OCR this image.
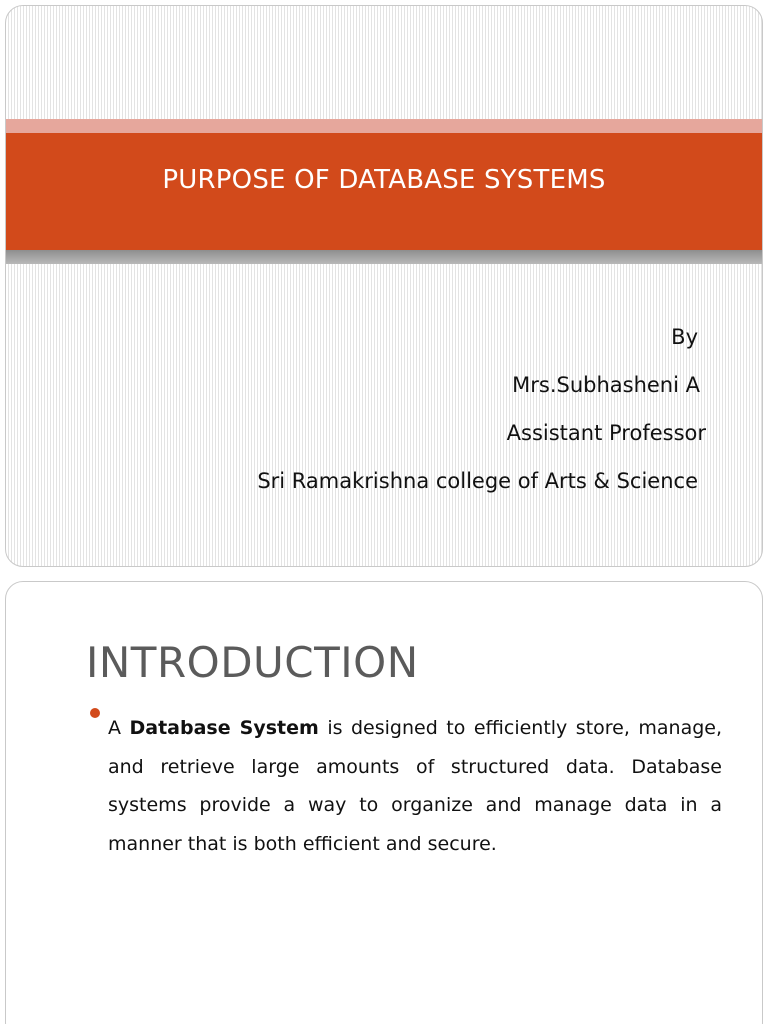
PURPOSE OF DATABASE SYSTEMS
By
Mrs.Subhasheni A
Assistant Professor
Sri Ramakrishna college of Arts & Science
INTRODUCTION

A Database System is designed to efficiently store, manage, and retrieve large amounts of structured data. Database systems provide a way to organize and manage data in a manner that is both efficient and secure.
